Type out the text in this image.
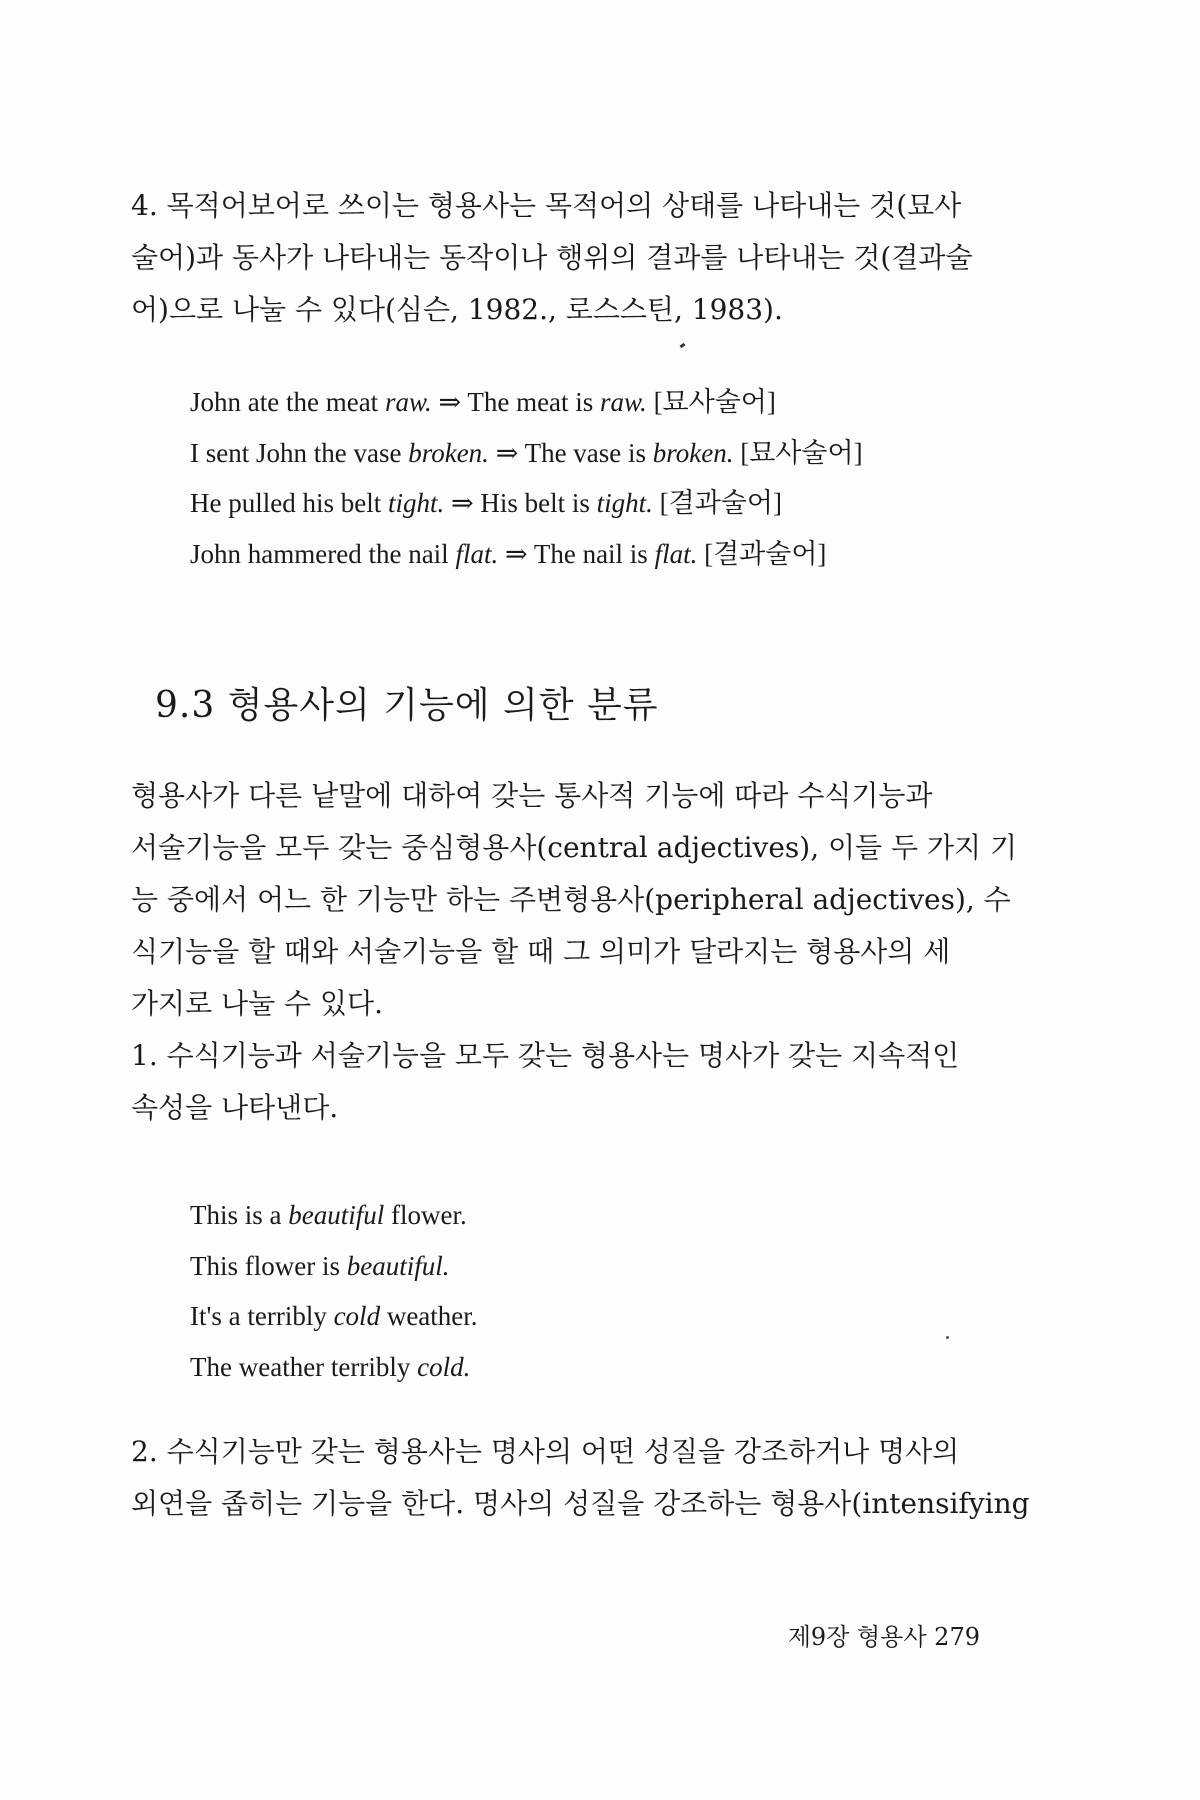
4. 목적어보어로 쓰이는 형용사는 목적어의 상태를 나타내는 것(묘사
술어)과 동사가 나타내는 동작이나 행위의 결과를 나타내는 것(결과술
어)으로 나눌 수 있다(심슨, 1982., 로스스틴, 1983).

John ate the meat raw. ⇒ The meat is raw. [묘사술어]
I sent John the vase broken. ⇒ The vase is broken. [묘사술어]
He pulled his belt tight. ⇒ His belt is tight. [결과술어]
John hammered the nail flat. ⇒ The nail is flat. [결과술어]
9.3 형용사의 기능에 의한 분류

형용사가 다른 낱말에 대하여 갖는 통사적 기능에 따라 수식기능과
서술기능을 모두 갖는 중심형용사(central adjectives), 이들 두 가지 기
능 중에서 어느 한 기능만 하는 주변형용사(peripheral adjectives), 수
식기능을 할 때와 서술기능을 할 때 그 의미가 달라지는 형용사의 세
가지로 나눌 수 있다.

1. 수식기능과 서술기능을 모두 갖는 형용사는 명사가 갖는 지속적인
속성을 나타낸다.

This is a beautiful flower.
This flower is beautiful.
It's a terribly cold weather.
The weather terribly cold.

2. 수식기능만 갖는 형용사는 명사의 어떤 성질을 강조하거나 명사의
외연을 좁히는 기능을 한다. 명사의 성질을 강조하는 형용사(intensifying

제9장 형용사 279
